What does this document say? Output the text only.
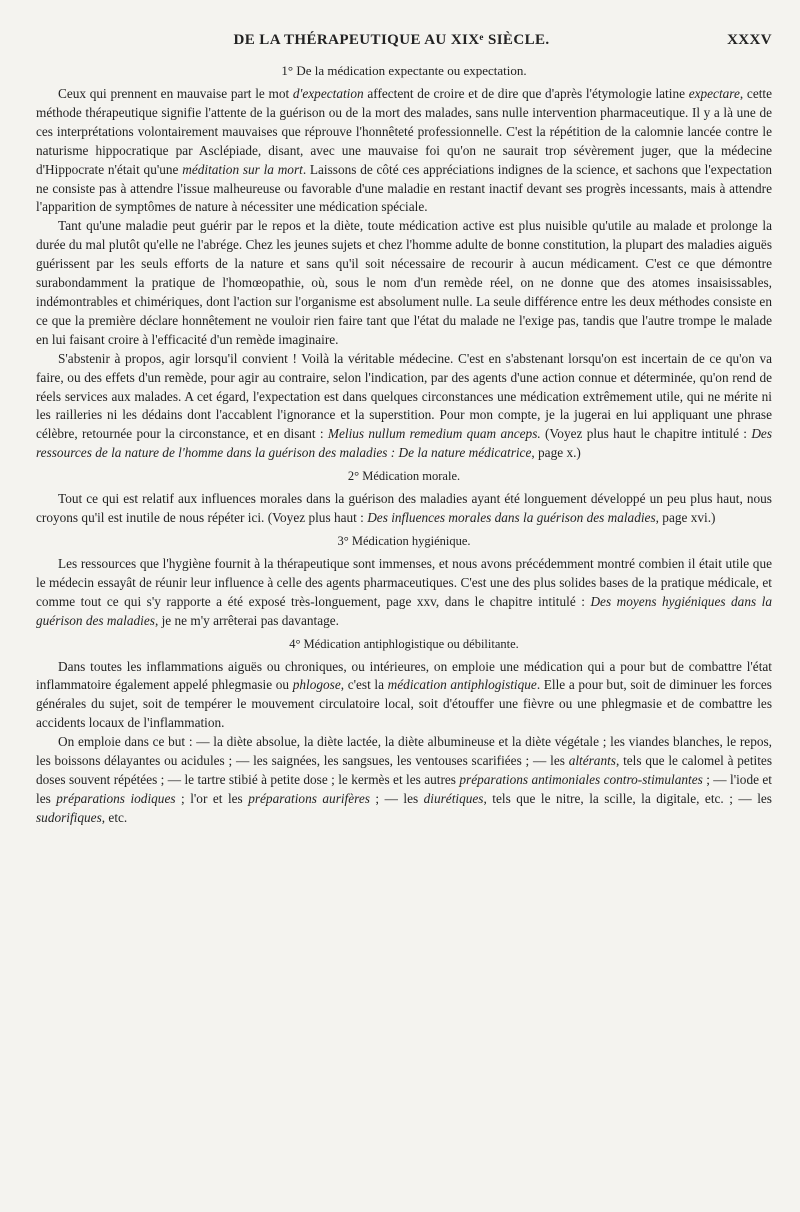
DE LA THÉRAPEUTIQUE AU XIXᵉ SIÈCLE.	XXXV
1° De la médication expectante ou expectation.

Ceux qui prennent en mauvaise part le mot d'expectation affectent de croire et de dire que d'après l'étymologie latine expectare, cette méthode thérapeutique signifie l'attente de la guérison ou de la mort des malades, sans nulle intervention pharmaceutique. Il y a là une de ces interprétations volontairement mauvaises que réprouve l'honnêteté professionnelle. C'est la répétition de la calomnie lancée contre le naturisme hippocratique par Asclépiade, disant, avec une mauvaise foi qu'on ne saurait trop sévèrement juger, que la médecine d'Hippocrate n'était qu'une méditation sur la mort. Laissons de côté ces appréciations indignes de la science, et sachons que l'expectation ne consiste pas à attendre l'issue malheureuse ou favorable d'une maladie en restant inactif devant ses progrès incessants, mais à attendre l'apparition de symptômes de nature à nécessiter une médication spéciale.

Tant qu'une maladie peut guérir par le repos et la diète, toute médication active est plus nuisible qu'utile au malade et prolonge la durée du mal plutôt qu'elle ne l'abrége. Chez les jeunes sujets et chez l'homme adulte de bonne constitution, la plupart des maladies aiguës guérissent par les seuls efforts de la nature et sans qu'il soit nécessaire de recourir à aucun médicament. C'est ce que démontre surabondamment la pratique de l'homœopathie, où, sous le nom d'un remède réel, on ne donne que des atomes insaisissables, indémontrables et chimériques, dont l'action sur l'organisme est absolument nulle. La seule différence entre les deux méthodes consiste en ce que la première déclare honnêtement ne vouloir rien faire tant que l'état du malade ne l'exige pas, tandis que l'autre trompe le malade en lui faisant croire à l'efficacité d'un remède imaginaire.

S'abstenir à propos, agir lorsqu'il convient ! Voilà la véritable médecine. C'est en s'abstenant lorsqu'on est incertain de ce qu'on va faire, ou des effets d'un remède, pour agir au contraire, selon l'indication, par des agents d'une action connue et déterminée, qu'on rend de réels services aux malades. A cet égard, l'expectation est dans quelques circonstances une médication extrêmement utile, qui ne mérite ni les railleries ni les dédains dont l'accablent l'ignorance et la superstition. Pour mon compte, je la jugerai en lui appliquant une phrase célèbre, retournée pour la circonstance, et en disant : Melius nullum remedium quam anceps. (Voyez plus haut le chapitre intitulé : Des ressources de la nature de l'homme dans la guérison des maladies : De la nature médicatrice, page x.)

2° Médication morale.

Tout ce qui est relatif aux influences morales dans la guérison des maladies ayant été longuement développé un peu plus haut, nous croyons qu'il est inutile de nous répéter ici. (Voyez plus haut : Des influences morales dans la guérison des maladies, page xvi.)

3° Médication hygiénique.

Les ressources que l'hygiène fournit à la thérapeutique sont immenses, et nous avons précédemment montré combien il était utile que le médecin essayât de réunir leur influence à celle des agents pharmaceutiques. C'est une des plus solides bases de la pratique médicale, et comme tout ce qui s'y rapporte a été exposé très-longuement, page xxv, dans le chapitre intitulé : Des moyens hygiéniques dans la guérison des maladies, je ne m'y arrêterai pas davantage.

4° Médication antiphlogistique ou débilitante.

Dans toutes les inflammations aiguës ou chroniques, ou intérieures, on emploie une médication qui a pour but de combattre l'état inflammatoire également appelé phlegmasie ou phlogose, c'est la médication antiphlogistique. Elle a pour but, soit de diminuer les forces générales du sujet, soit de tempérer le mouvement circulatoire local, soit d'étouffer une fièvre ou une phlegmasie et de combattre les accidents locaux de l'inflammation.

On emploie dans ce but : — la diète absolue, la diète lactée, la diète albumineuse et la diète végétale ; les viandes blanches, le repos, les boissons délayantes ou acidules ; — les saignées, les sangsues, les ventouses scarifiées ; — les altérants, tels que le calomel à petites doses souvent répétées ; — le tartre stibié à petite dose ; le kermès et les autres préparations antimoniales contro-stimulantes ; — l'iode et les préparations iodiques ; l'or et les préparations aurifères ; — les diurétiques, tels que le nitre, la scille, la digitale, etc. ; — les sudorifiques, etc.
